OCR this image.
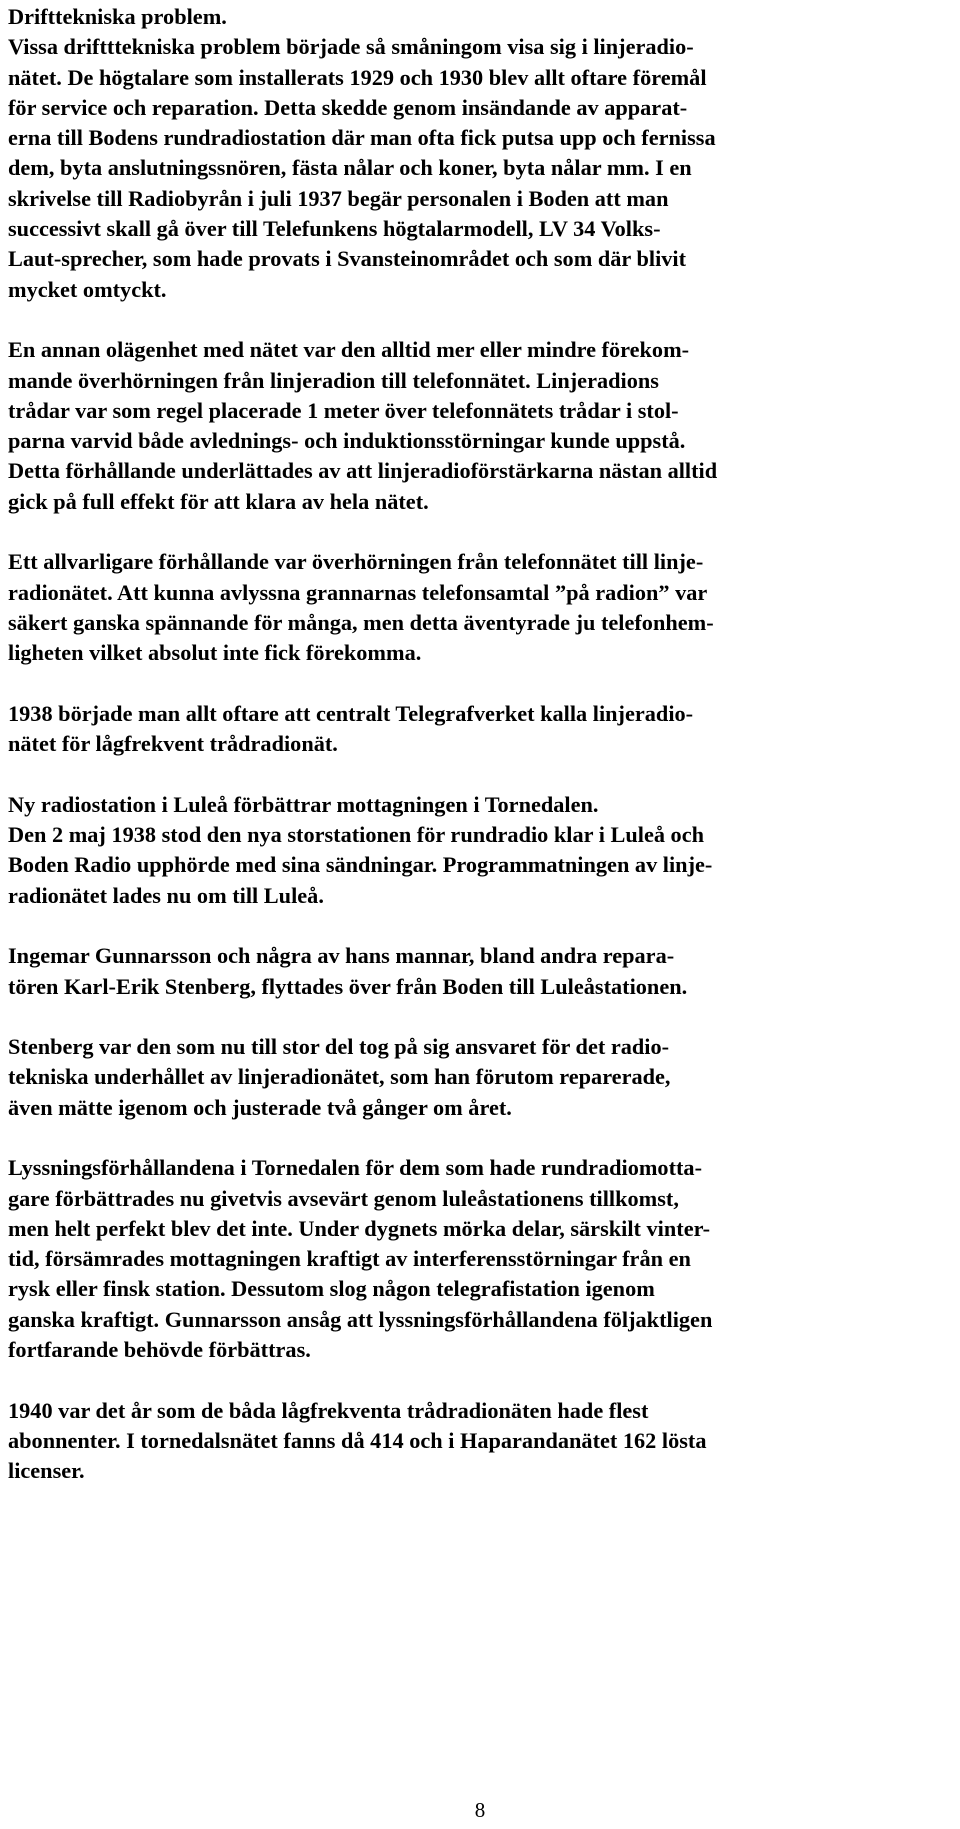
Drifttekniska problem.
Vissa driftttekniska problem började så småningom visa sig i linjeradio-
nätet. De högtalare som installerats 1929 och 1930 blev allt oftare föremål
för service och reparation. Detta skedde genom insändande av apparat-
erna till Bodens rundradiostation där man ofta fick putsa upp och fernissa
dem, byta anslutningssnören, fästa nålar och koner, byta nålar mm. I en
skrivelse till Radiobyrån i juli 1937 begär personalen i Boden att man
successivt skall gå över till Telefunkens högtalarmodell, LV 34 Volks-
Laut-sprecher, som hade provats i Svansteinområdet och som där blivit
mycket omtyckt.
En annan olägenhet med nätet var den alltid mer eller mindre förekom-
mande överhörningen från linjeradion till telefonnätet. Linjeradions
trådar var som regel placerade 1 meter över telefonnätets trådar i stol-
parna varvid både avlednings- och induktionsstörningar kunde uppstå.
Detta förhållande underlättades av att linjeradioförstärkarna nästan alltid
gick på full effekt för att klara av hela nätet.
Ett allvarligare förhållande var överhörningen från telefonnätet till linje-
radionätet. Att kunna avlyssna grannarnas telefonsamtal ”på radion” var
säkert ganska spännande för många, men detta äventyrade ju telefonhem-
ligheten vilket absolut inte fick förekomma.
1938 började man allt oftare att centralt Telegrafverket kalla linjeradio-
nätet för lågfrekvent trådradionät.
Ny radiostation i Luleå förbättrar mottagningen i Tornedalen.
Den 2 maj 1938 stod den nya storstationen för rundradio klar i Luleå och
Boden Radio upphörde med sina sändningar. Programmatningen av linje-
radionätet lades nu om till Luleå.
Ingemar Gunnarsson och några av hans mannar, bland andra repara-
tören Karl-Erik Stenberg, flyttades över från Boden till Luleåstationen.
Stenberg var den som nu till stor del tog på sig ansvaret för det radio-
tekniska underhållet av linjeradionätet, som han förutom reparerade,
även mätte igenom och justerade två gånger om året.
Lyssningsförhållandena i Tornedalen för dem som hade rundradiomotta-
gare förbättrades nu givetvis avsevärt genom luleåstationens tillkomst,
men helt perfekt blev det inte. Under dygnets mörka delar, särskilt vinter-
tid, försämrades mottagningen kraftigt av interferensstörningar från en
rysk eller finsk station. Dessutom slog någon telegrafistation igenom
ganska kraftigt. Gunnarsson ansåg att lyssningsförhållandena följaktligen
fortfarande behövde förbättras.
1940 var det år som de båda lågfrekventa trådradionäten hade flest
abonnenter. I tornedalsnätet fanns då 414 och i Haparandanätet 162 lösta
licenser.
8
